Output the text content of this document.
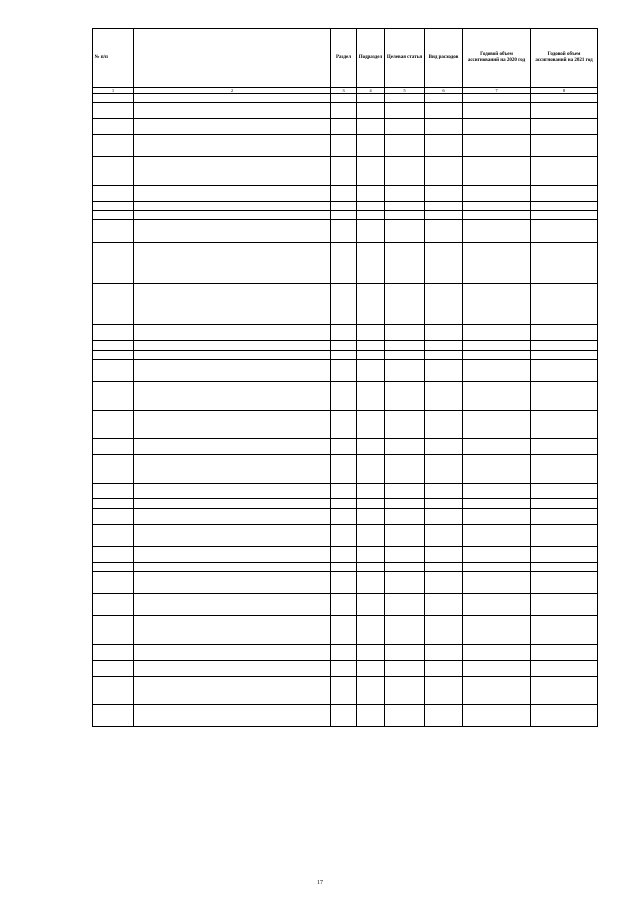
№ п/п		Раздел	Подраздел	Целевая статья	Вид расходов	Годовой объем ассигнований на 2020 год	Годовой объем ассигнований на 2021 год
1	2	3	4	5	6	7	8

17
